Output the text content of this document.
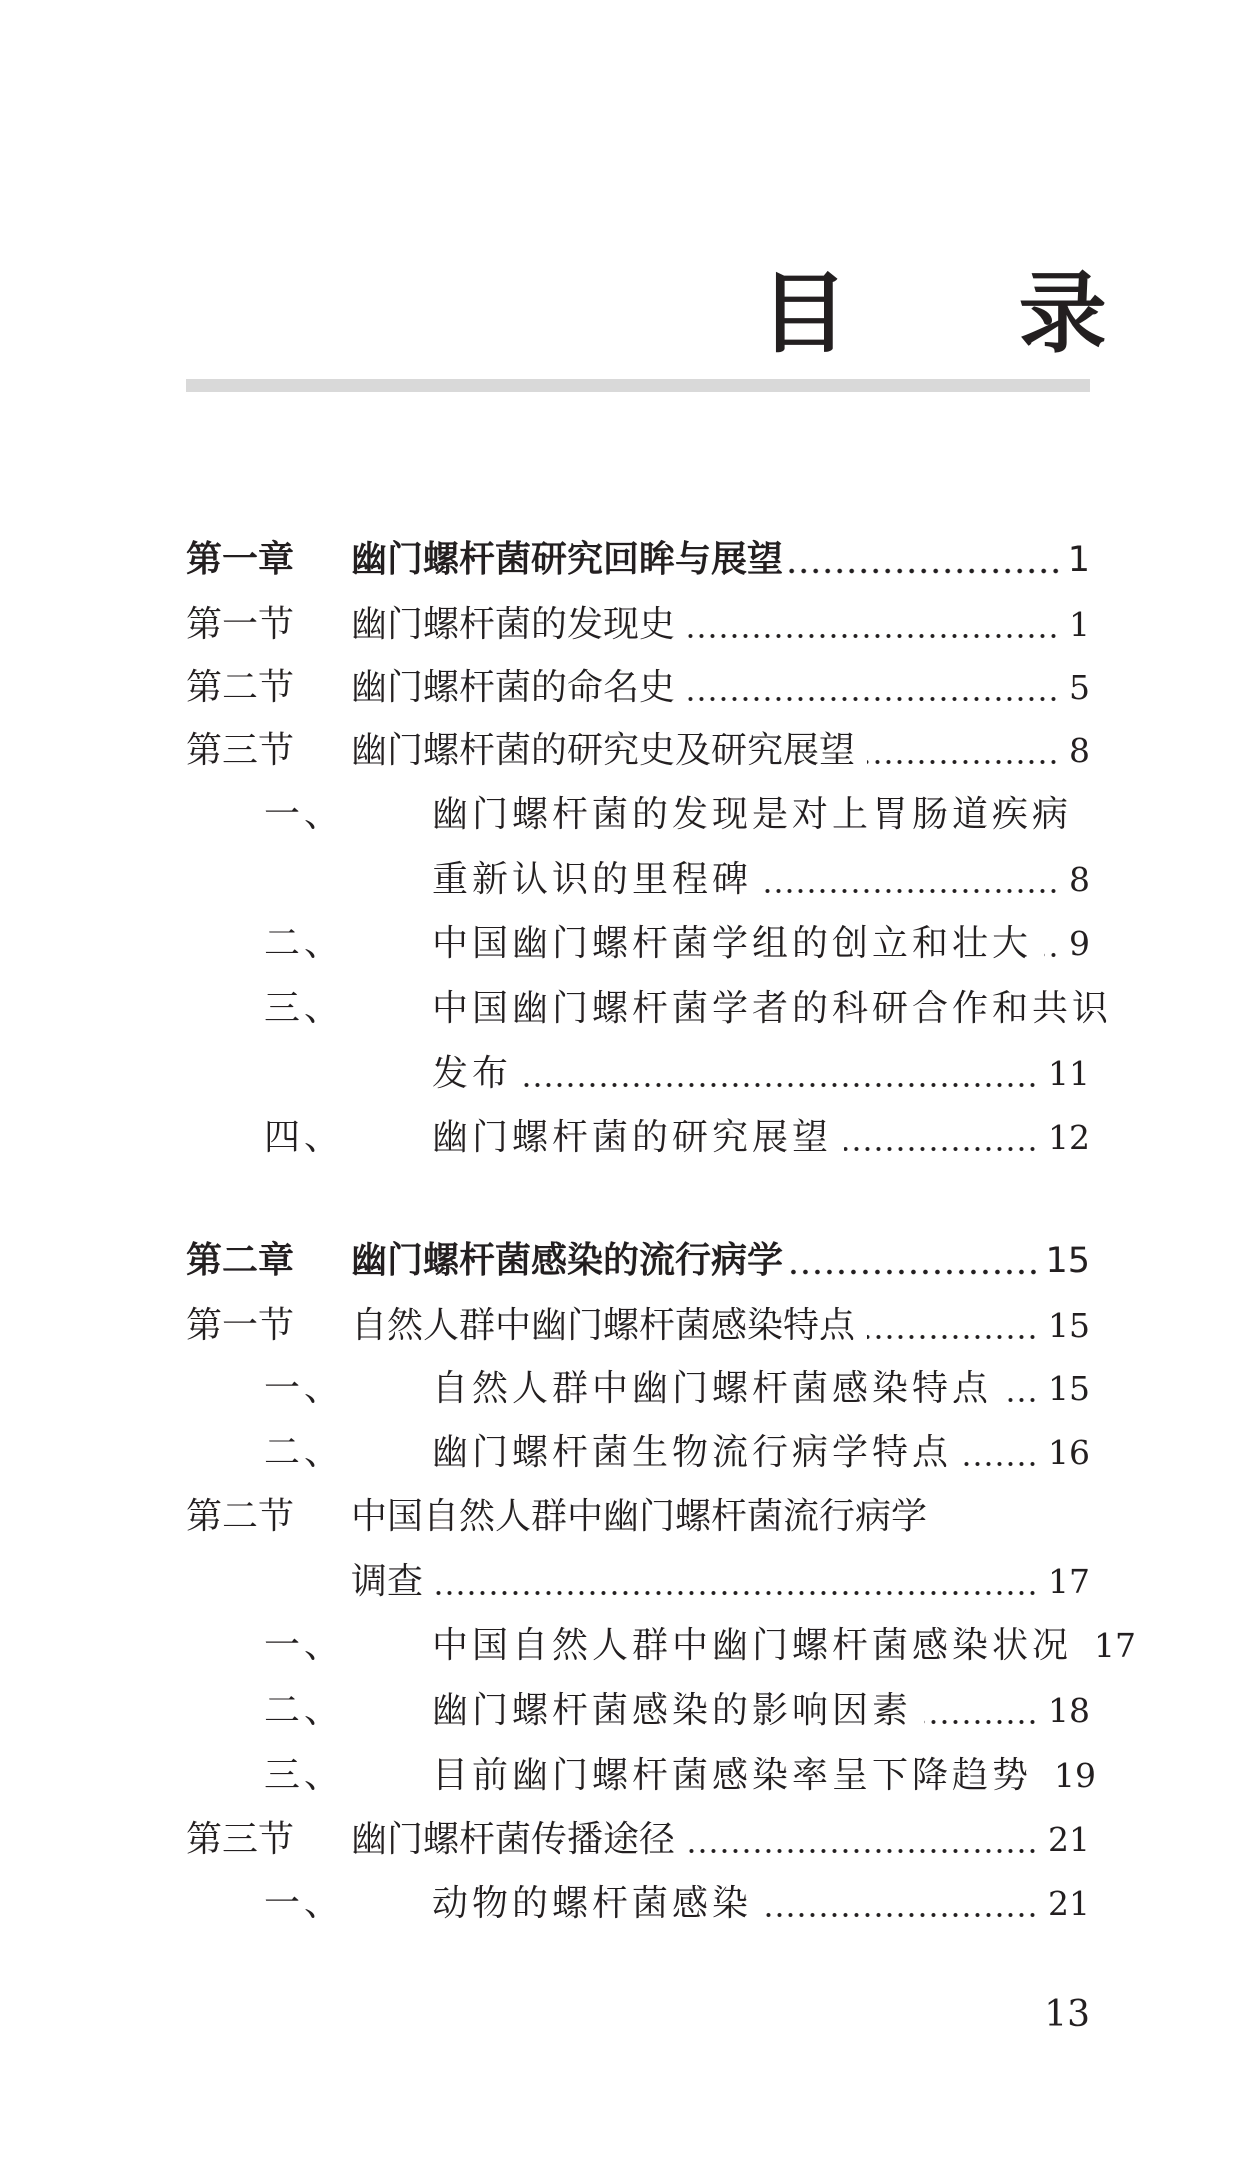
目 录
第一章	幽门螺杆菌研究回眸与展望	1
第一节	幽门螺杆菌的发现史	1
第二节	幽门螺杆菌的命名史	5
第三节	幽门螺杆菌的研究史及研究展望	8
一、	幽门螺杆菌的发现是对上胃肠道疾病
重新认识的里程碑	8
二、	中国幽门螺杆菌学组的创立和壮大 9
三、	中国幽门螺杆菌学者的科研合作和共识
发布	11
四、	幽门螺杆菌的研究展望	12
第二章	幽门螺杆菌感染的流行病学	15
第一节	自然人群中幽门螺杆菌感染特点	15
一、	自然人群中幽门螺杆菌感染特点 15
二、	幽门螺杆菌生物流行病学特点	16
第二节	中国自然人群中幽门螺杆菌流行病学
调查	17
一、	中国自然人群中幽门螺杆菌感染状况 17
二、	幽门螺杆菌感染的影响因素	18
三、	目前幽门螺杆菌感染率呈下降趋势 19
第三节	幽门螺杆菌传播途径	21
一、	动物的螺杆菌感染	21
13
